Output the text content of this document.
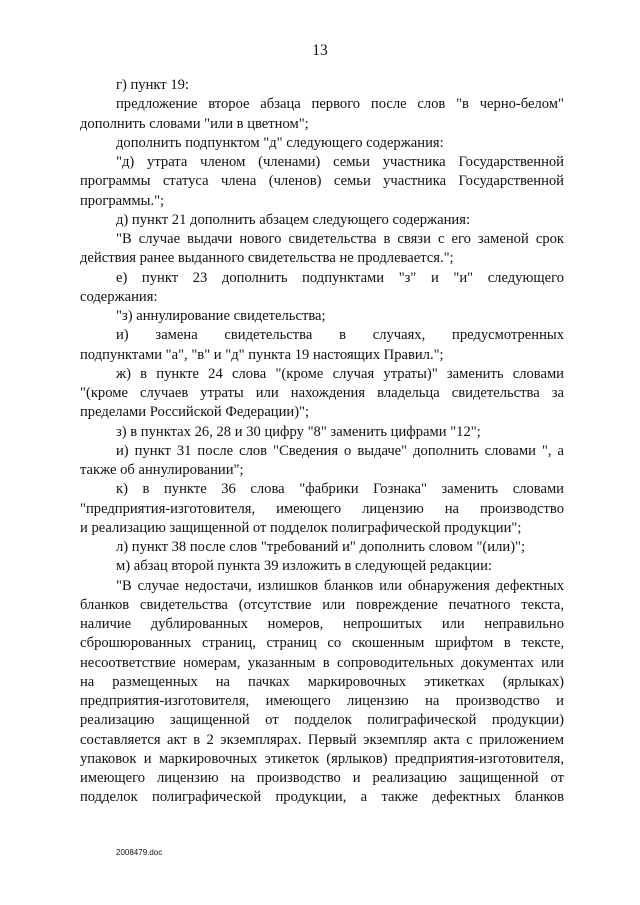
13
г) пункт 19:
предложение второе абзаца первого после слов "в черно-белом"
дополнить словами "или в цветном";
дополнить подпунктом "д" следующего содержания:
"д) утрата членом (членами) семьи участника Государственной
программы статуса члена (членов) семьи участника Государственной
программы.";
д) пункт 21 дополнить абзацем следующего содержания:
"В случае выдачи нового свидетельства в связи с его заменой срок
действия ранее выданного свидетельства не продлевается.";
е) пункт 23 дополнить подпунктами "з" и "и" следующего
содержания:
"з) аннулирование свидетельства;
и) замена свидетельства в случаях, предусмотренных
подпунктами "а", "в" и "д" пункта 19 настоящих Правил.";
ж) в пункте 24 слова "(кроме случая утраты)" заменить словами
"(кроме случаев утраты или нахождения владельца свидетельства за
пределами Российской Федерации)";
з) в пунктах 26, 28 и 30 цифру "8" заменить цифрами "12";
и) пункт 31 после слов "Сведения о выдаче" дополнить словами ", а
также об аннулировании";
к) в пункте 36 слова "фабрики Гознака" заменить словами
"предприятия-изготовителя, имеющего лицензию на производство
и реализацию защищенной от подделок полиграфической продукции";
л) пункт 38 после слов "требований и" дополнить словом "(или)";
м) абзац второй пункта 39 изложить в следующей редакции:
"В случае недостачи, излишков бланков или обнаружения дефектных
бланков свидетельства (отсутствие или повреждение печатного текста,
наличие дублированных номеров, непрошитых или неправильно
сброшюрованных страниц, страниц со скошенным шрифтом в тексте,
несоответствие номерам, указанным в сопроводительных документах или
на размещенных на пачках маркировочных этикетках (ярлыках)
предприятия-изготовителя, имеющего лицензию на производство и
реализацию защищенной от подделок полиграфической продукции)
составляется акт в 2 экземплярах. Первый экземпляр акта с приложением
упаковок и маркировочных этикеток (ярлыков) предприятия-изготовителя,
имеющего лицензию на производство и реализацию защищенной от
подделок полиграфической продукции, а также дефектных бланков
2008479.doc
